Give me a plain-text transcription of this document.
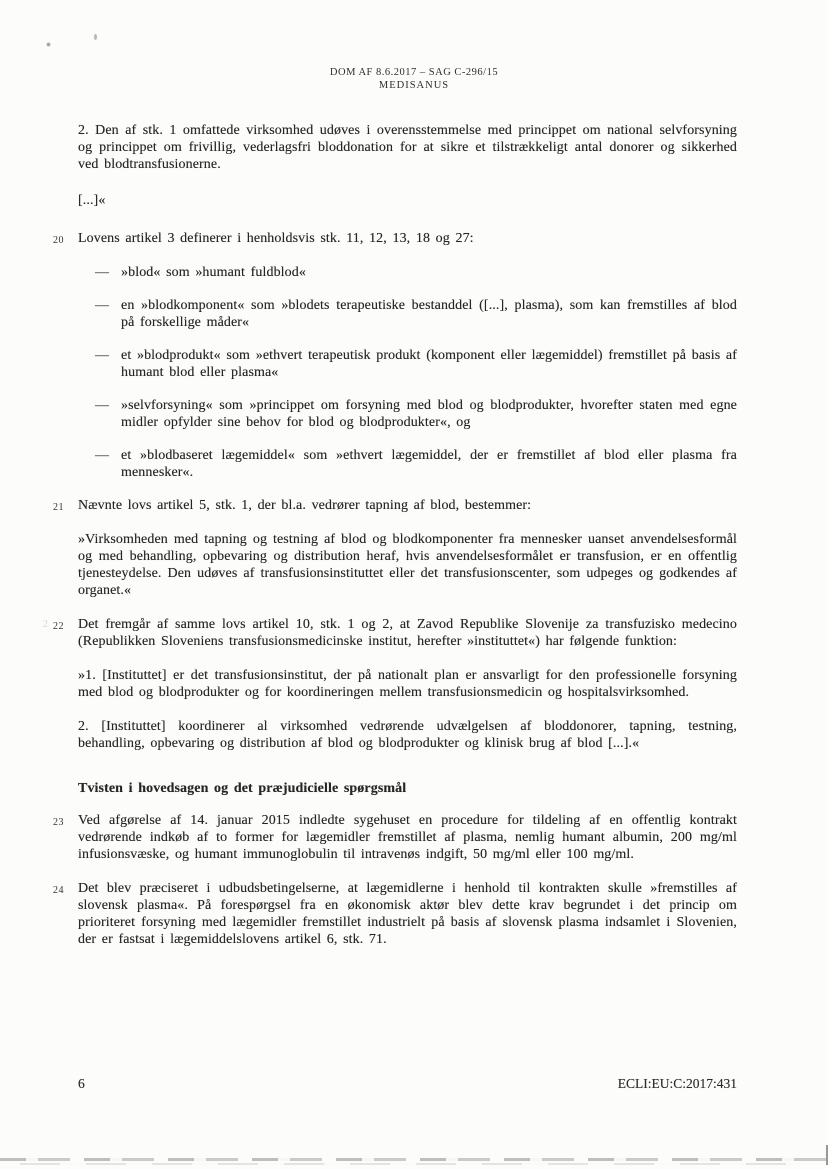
DOM AF 8.6.2017 – SAG C-296/15
MEDISANUS

2. Den af stk. 1 omfattede virksomhed udøves i overensstemmelse med princippet om national selvforsyning og princippet om frivillig, vederlagsfri bloddonation for at sikre et tilstrækkeligt antal donorer og sikkerhed ved blodtransfusionerne.

[...]«

20 Lovens artikel 3 definerer i henholdsvis stk. 11, 12, 13, 18 og 27:

— »blod« som »humant fuldblod«
— en »blodkomponent« som »blodets terapeutiske bestanddel ([...], plasma), som kan fremstilles af blod på forskellige måder«
— et »blodprodukt« som »ethvert terapeutisk produkt (komponent eller lægemiddel) fremstillet på basis af humant blod eller plasma«
— »selvforsyning« som »princippet om forsyning med blod og blodprodukter, hvorefter staten med egne midler opfylder sine behov for blod og blodprodukter«, og
— et »blodbaseret lægemiddel« som »ethvert lægemiddel, der er fremstillet af blod eller plasma fra mennesker«.

21 Nævnte lovs artikel 5, stk. 1, der bl.a. vedrører tapning af blod, bestemmer:

»Virksomheden med tapning og testning af blod og blodkomponenter fra mennesker uanset anvendelsesformål og med behandling, opbevaring og distribution heraf, hvis anvendelsesformålet er transfusion, er en offentlig tjenesteydelse. Den udøves af transfusionsinstituttet eller det transfusionscenter, som udpeges og godkendes af organet.«

22 Det fremgår af samme lovs artikel 10, stk. 1 og 2, at Zavod Republike Slovenije za transfuzisko medecino (Republikken Sloveniens transfusionsmedicinske institut, herefter »instituttet«) har følgende funktion:

»1. [Instituttet] er det transfusionsinstitut, der på nationalt plan er ansvarligt for den professionelle forsyning med blod og blodprodukter og for koordineringen mellem transfusionsmedicin og hospitalsvirksomhed.

2. [Instituttet] koordinerer al virksomhed vedrørende udvælgelsen af bloddonorer, tapning, testning, behandling, opbevaring og distribution af blod og blodprodukter og klinisk brug af blod [...].«

Tvisten i hovedsagen og det præjudicielle spørgsmål

23 Ved afgørelse af 14. januar 2015 indledte sygehuset en procedure for tildeling af en offentlig kontrakt vedrørende indkøb af to former for lægemidler fremstillet af plasma, nemlig humant albumin, 200 mg/ml infusionsvæske, og humant immunoglobulin til intravenøs indgift, 50 mg/ml eller 100 mg/ml.

24 Det blev præciseret i udbudsbetingelserne, at lægemidlerne i henhold til kontrakten skulle »fremstilles af slovensk plasma«. På forespørgsel fra en økonomisk aktør blev dette krav begrundet i det princip om prioriteret forsyning med lægemidler fremstillet industrielt på basis af slovensk plasma indsamlet i Slovenien, der er fastsat i lægemiddelslovens artikel 6, stk. 71.

2
6	ECLI:EU:C:2017:431
